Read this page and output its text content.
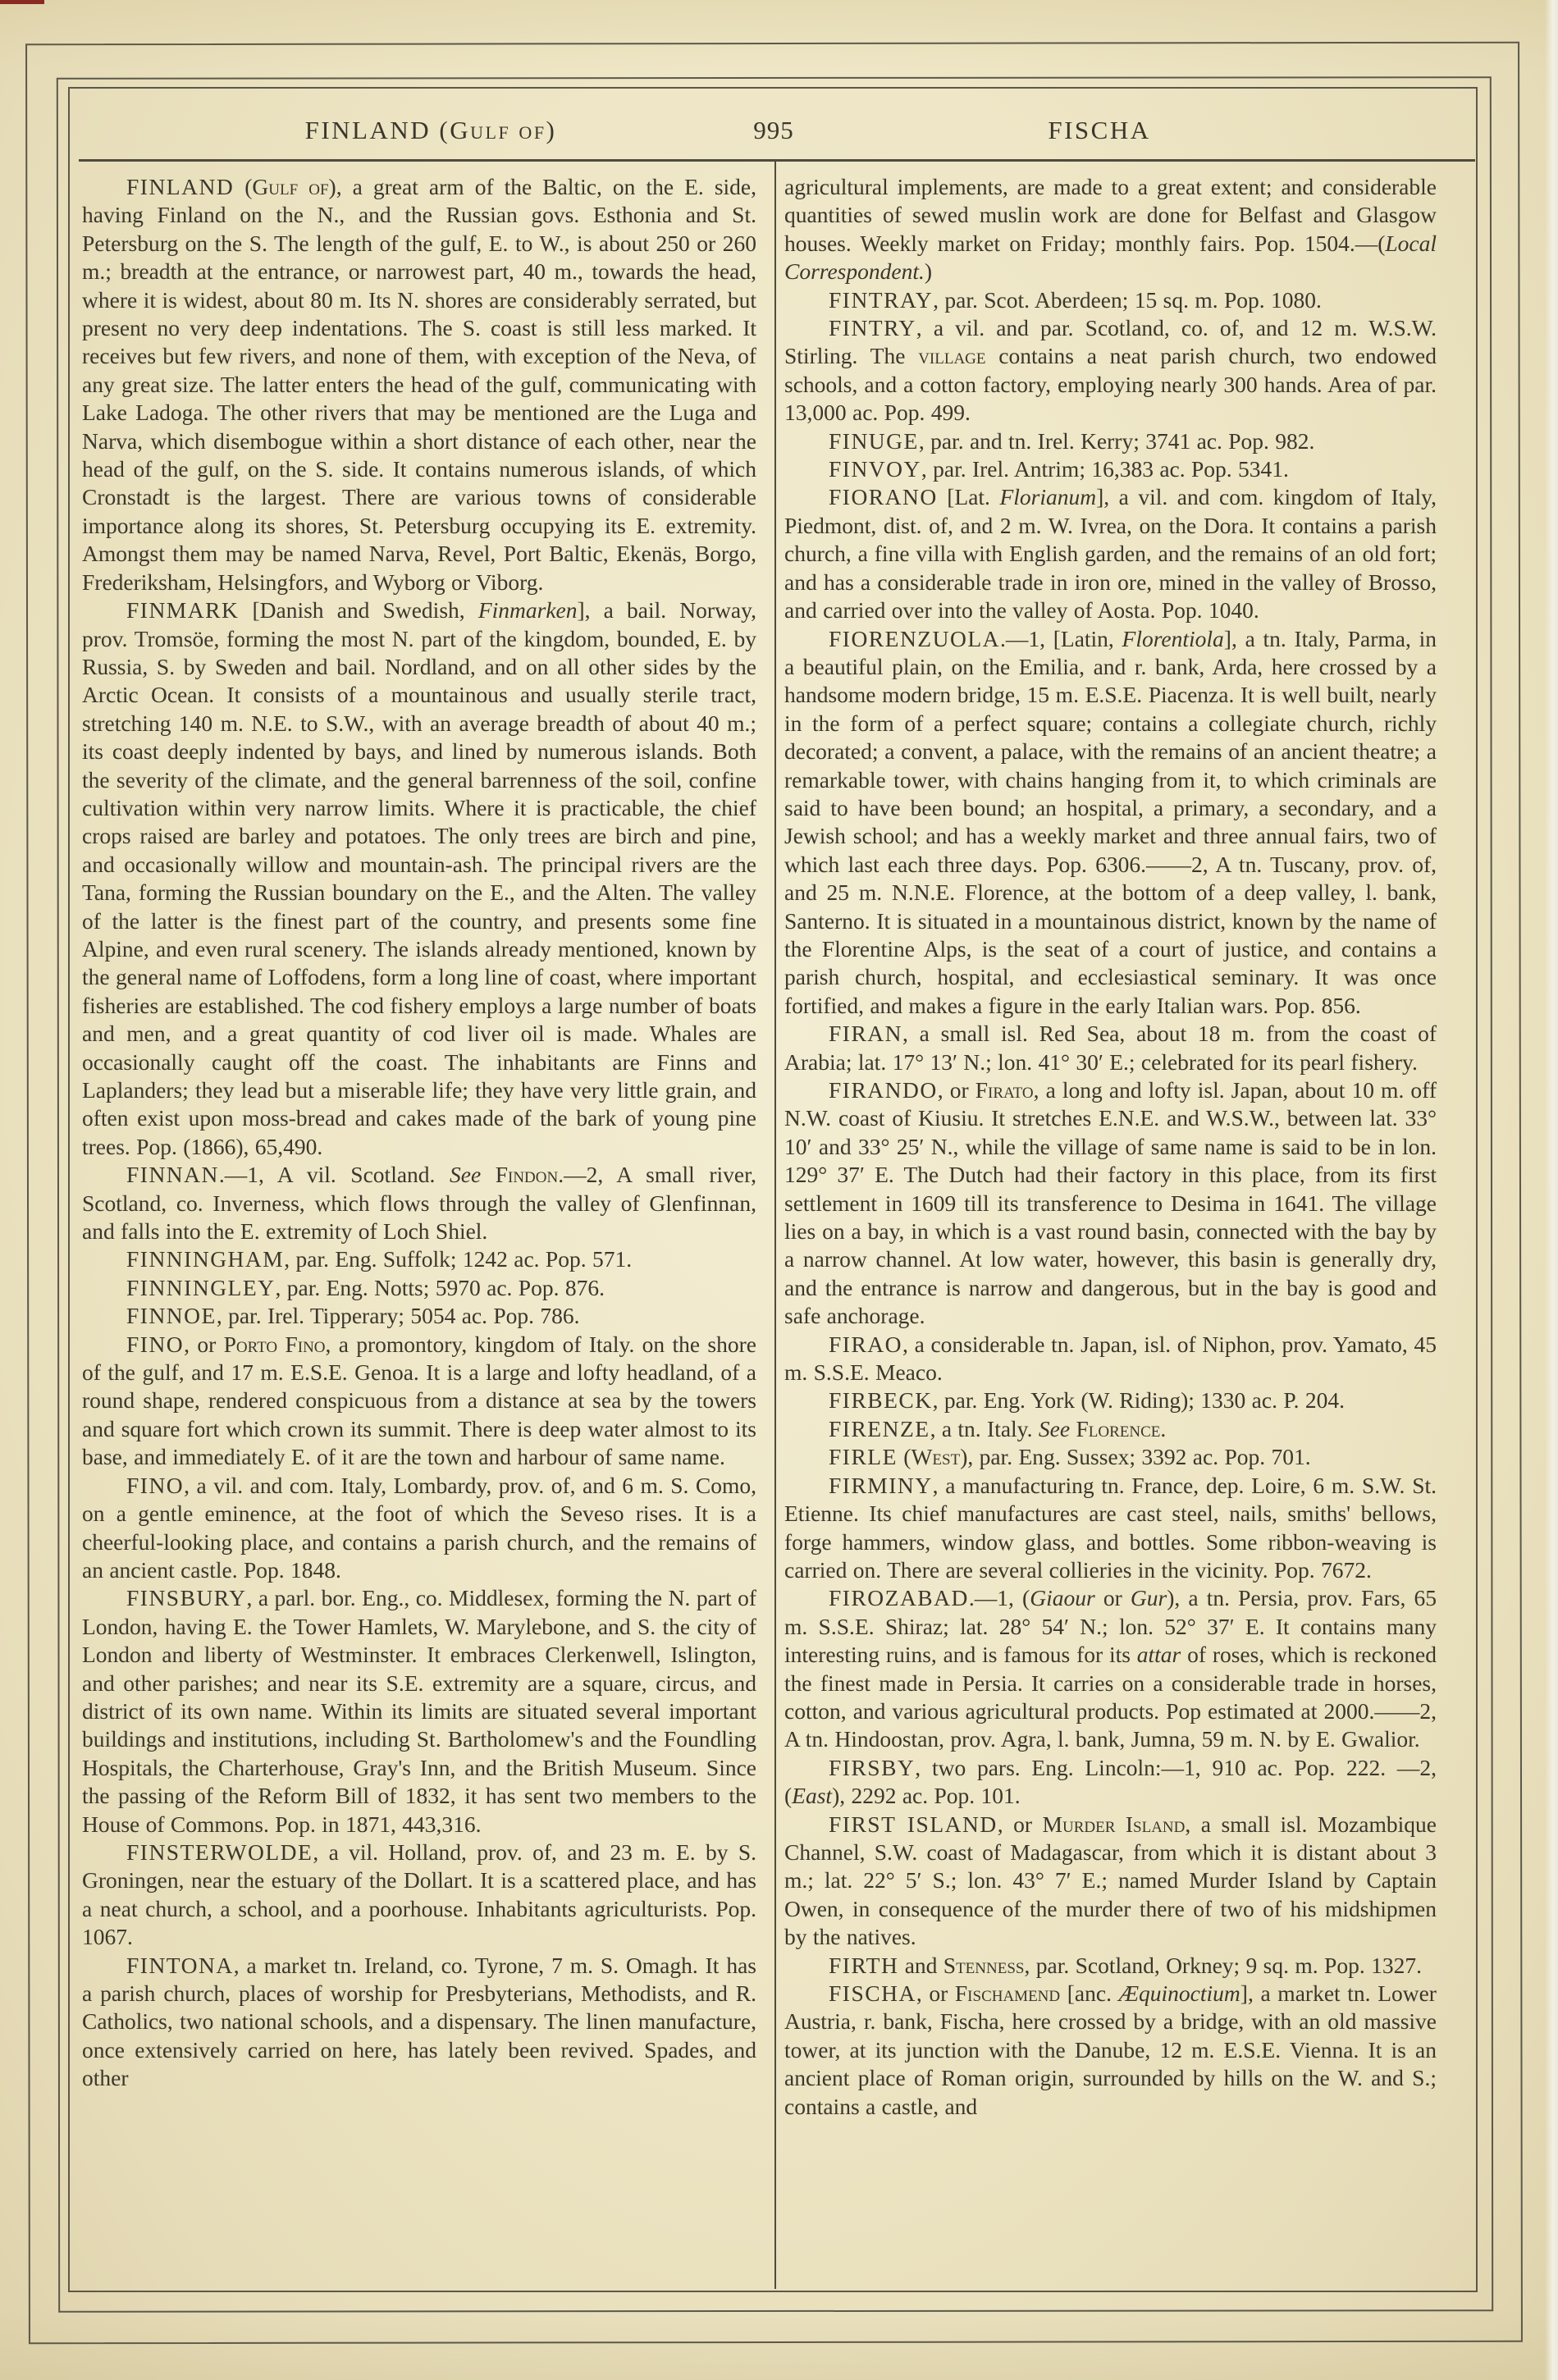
FINLAND (Gulf of)	995	FISCHA

FINLAND (Gulf of), a great arm of the Baltic, on the E. side, having Finland on the N., and the Russian govs. Esthonia and St. Petersburg on the S. The length of the gulf, E. to W., is about 250 or 260 m.; breadth at the entrance, or narrowest part, 40 m., towards the head, where it is widest, about 80 m. Its N. shores are considerably serrated, but present no very deep indentations. The S. coast is still less marked. It receives but few rivers, and none of them, with exception of the Neva, of any great size. The latter enters the head of the gulf, communicating with Lake Ladoga. The other rivers that may be mentioned are the Luga and Narva, which disembogue within a short distance of each other, near the head of the gulf, on the S. side. It contains numerous islands, of which Cronstadt is the largest. There are various towns of considerable importance along its shores, St. Petersburg occupying its E. extremity. Amongst them may be named Narva, Revel, Port Baltic, Ekenäs, Borgo, Frederiksham, Helsingfors, and Wyborg or Viborg.

FINMARK [Danish and Swedish, Finmarken], a bail. Norway, prov. Tromsöe, forming the most N. part of the kingdom, bounded, E. by Russia, S. by Sweden and bail. Nordland, and on all other sides by the Arctic Ocean. It consists of a mountainous and usually sterile tract, stretching 140 m. N.E. to S.W., with an average breadth of about 40 m.; its coast deeply indented by bays, and lined by numerous islands. Both the severity of the climate, and the general barrenness of the soil, confine cultivation within very narrow limits. Where it is practicable, the chief crops raised are barley and potatoes. The only trees are birch and pine, and occasionally willow and mountain-ash. The principal rivers are the Tana, forming the Russian boundary on the E., and the Alten. The valley of the latter is the finest part of the country, and presents some fine Alpine, and even rural scenery. The islands already mentioned, known by the general name of Loffodens, form a long line of coast, where important fisheries are established. The cod fishery employs a large number of boats and men, and a great quantity of cod liver oil is made. Whales are occasionally caught off the coast. The inhabitants are Finns and Laplanders; they lead but a miserable life; they have very little grain, and often exist upon moss-bread and cakes made of the bark of young pine trees. Pop. (1866), 65,490.

FINNAN.—1, A vil. Scotland. See Findon.—2, A small river, Scotland, co. Inverness, which flows through the valley of Glenfinnan, and falls into the E. extremity of Loch Shiel.

FINNINGHAM, par. Eng. Suffolk; 1242 ac. Pop. 571.

FINNINGLEY, par. Eng. Notts; 5970 ac. Pop. 876.

FINNOE, par. Irel. Tipperary; 5054 ac. Pop. 786.

FINO, or Porto Fino, a promontory, kingdom of Italy. on the shore of the gulf, and 17 m. E.S.E. Genoa. It is a large and lofty headland, of a round shape, rendered conspicuous from a distance at sea by the towers and square fort which crown its summit. There is deep water almost to its base, and immediately E. of it are the town and harbour of same name.

FINO, a vil. and com. Italy, Lombardy, prov. of, and 6 m. S. Como, on a gentle eminence, at the foot of which the Seveso rises. It is a cheerful-looking place, and contains a parish church, and the remains of an ancient castle. Pop. 1848.

FINSBURY, a parl. bor. Eng., co. Middlesex, forming the N. part of London, having E. the Tower Hamlets, W. Marylebone, and S. the city of London and liberty of Westminster. It embraces Clerkenwell, Islington, and other parishes; and near its S.E. extremity are a square, circus, and district of its own name. Within its limits are situated several important buildings and institutions, including St. Bartholomew's and the Foundling Hospitals, the Charterhouse, Gray's Inn, and the British Museum. Since the passing of the Reform Bill of 1832, it has sent two members to the House of Commons. Pop. in 1871, 443,316.

FINSTERWOLDE, a vil. Holland, prov. of, and 23 m. E. by S. Groningen, near the estuary of the Dollart. It is a scattered place, and has a neat church, a school, and a poorhouse. Inhabitants agriculturists. Pop. 1067.

FINTONA, a market tn. Ireland, co. Tyrone, 7 m. S. Omagh. It has a parish church, places of worship for Presbyterians, Methodists, and R. Catholics, two national schools, and a dispensary. The linen manufacture, once extensively carried on here, has lately been revived. Spades, and other

agricultural implements, are made to a great extent; and considerable quantities of sewed muslin work are done for Belfast and Glasgow houses. Weekly market on Friday; monthly fairs. Pop. 1504.—(Local Correspondent.)

FINTRAY, par. Scot. Aberdeen; 15 sq. m. Pop. 1080.

FINTRY, a vil. and par. Scotland, co. of, and 12 m. W.S.W. Stirling. The village contains a neat parish church, two endowed schools, and a cotton factory, employing nearly 300 hands. Area of par. 13,000 ac. Pop. 499.

FINUGE, par. and tn. Irel. Kerry; 3741 ac. Pop. 982.

FINVOY, par. Irel. Antrim; 16,383 ac. Pop. 5341.

FIORANO [Lat. Florianum], a vil. and com. kingdom of Italy, Piedmont, dist. of, and 2 m. W. Ivrea, on the Dora. It contains a parish church, a fine villa with English garden, and the remains of an old fort; and has a considerable trade in iron ore, mined in the valley of Brosso, and carried over into the valley of Aosta. Pop. 1040.

FIORENZUOLA.—1, [Latin, Florentiola], a tn. Italy, Parma, in a beautiful plain, on the Emilia, and r. bank, Arda, here crossed by a handsome modern bridge, 15 m. E.S.E. Piacenza. It is well built, nearly in the form of a perfect square; contains a collegiate church, richly decorated; a convent, a palace, with the remains of an ancient theatre; a remarkable tower, with chains hanging from it, to which criminals are said to have been bound; an hospital, a primary, a secondary, and a Jewish school; and has a weekly market and three annual fairs, two of which last each three days. Pop. 6306.——2, A tn. Tuscany, prov. of, and 25 m. N.N.E. Florence, at the bottom of a deep valley, l. bank, Santerno. It is situated in a mountainous district, known by the name of the Florentine Alps, is the seat of a court of justice, and contains a parish church, hospital, and ecclesiastical seminary. It was once fortified, and makes a figure in the early Italian wars. Pop. 856.

FIRAN, a small isl. Red Sea, about 18 m. from the coast of Arabia; lat. 17° 13′ N.; lon. 41° 30′ E.; celebrated for its pearl fishery.

FIRANDO, or Firato, a long and lofty isl. Japan, about 10 m. off N.W. coast of Kiusiu. It stretches E.N.E. and W.S.W., between lat. 33° 10′ and 33° 25′ N., while the village of same name is said to be in lon. 129° 37′ E. The Dutch had their factory in this place, from its first settlement in 1609 till its transference to Desima in 1641. The village lies on a bay, in which is a vast round basin, connected with the bay by a narrow channel. At low water, however, this basin is generally dry, and the entrance is narrow and dangerous, but in the bay is good and safe anchorage.

FIRAO, a considerable tn. Japan, isl. of Niphon, prov. Yamato, 45 m. S.S.E. Meaco.

FIRBECK, par. Eng. York (W. Riding); 1330 ac. P. 204.

FIRENZE, a tn. Italy. See Florence.

FIRLE (West), par. Eng. Sussex; 3392 ac. Pop. 701.

FIRMINY, a manufacturing tn. France, dep. Loire, 6 m. S.W. St. Etienne. Its chief manufactures are cast steel, nails, smiths' bellows, forge hammers, window glass, and bottles. Some ribbon-weaving is carried on. There are several collieries in the vicinity. Pop. 7672.

FIROZABAD.—1, (Giaour or Gur), a tn. Persia, prov. Fars, 65 m. S.S.E. Shiraz; lat. 28° 54′ N.; lon. 52° 37′ E. It contains many interesting ruins, and is famous for its attar of roses, which is reckoned the finest made in Persia. It carries on a considerable trade in horses, cotton, and various agricultural products. Pop estimated at 2000.——2, A tn. Hindoostan, prov. Agra, l. bank, Jumna, 59 m. N. by E. Gwalior.

FIRSBY, two pars. Eng. Lincoln:—1, 910 ac. Pop. 222. —2, (East), 2292 ac. Pop. 101.

FIRST ISLAND, or Murder Island, a small isl. Mozambique Channel, S.W. coast of Madagascar, from which it is distant about 3 m.; lat. 22° 5′ S.; lon. 43° 7′ E.; named Murder Island by Captain Owen, in consequence of the murder there of two of his midshipmen by the natives.

FIRTH and Stenness, par. Scotland, Orkney; 9 sq. m. Pop. 1327.

FISCHA, or Fischamend [anc. Æquinoctium], a market tn. Lower Austria, r. bank, Fischa, here crossed by a bridge, with an old massive tower, at its junction with the Danube, 12 m. E.S.E. Vienna. It is an ancient place of Roman origin, surrounded by hills on the W. and S.; contains a castle, and
